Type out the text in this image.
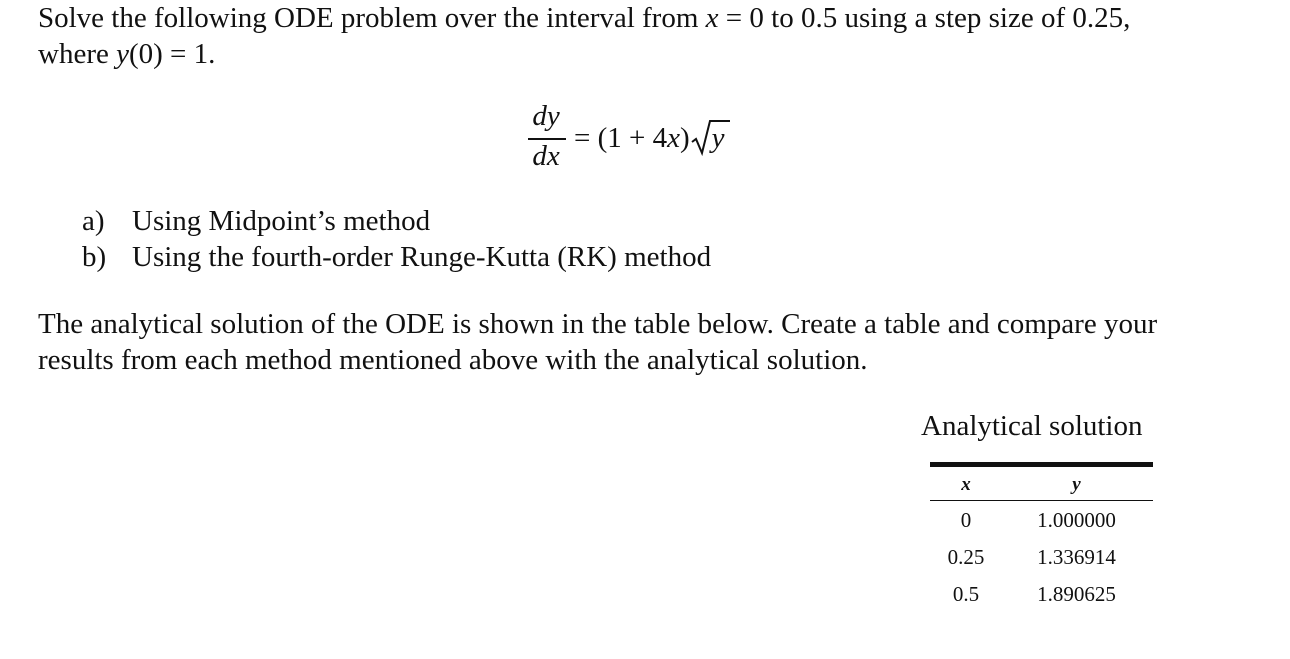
Solve the following ODE problem over the interval from x = 0 to 0.5 using a step size of 0.25,
where y(0) = 1.
dy
dx
= (1 + 4x) y
a) Using Midpoint’s method
b) Using the fourth-order Runge-Kutta (RK) method
The analytical solution of the ODE is shown in the table below. Create a table and compare your
results from each method mentioned above with the analytical solution.
Analytical solution
x	y
0	1.000000
0.25	1.336914
0.5	1.890625
